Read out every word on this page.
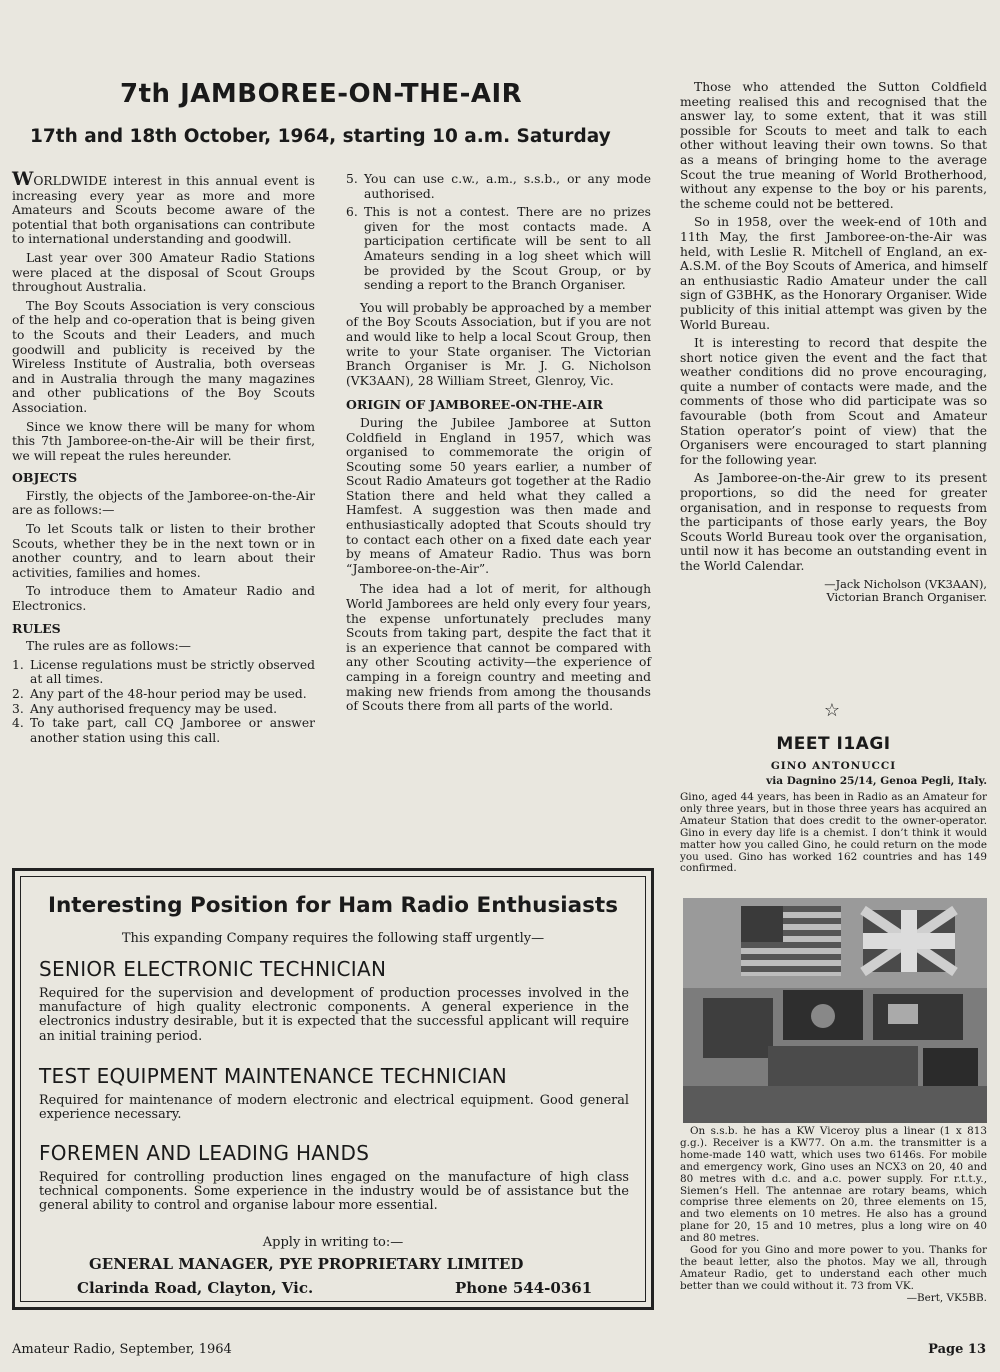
7th JAMBOREE-ON-THE-AIR
17th and 18th October, 1964, starting 10 a.m. Saturday

WORLDWIDE interest in this annual event is increasing every year as more and more Amateurs and Scouts become aware of the potential that both organisations can contribute to international understanding and goodwill.

Last year over 300 Amateur Radio Stations were placed at the disposal of Scout Groups throughout Australia.

The Boy Scouts Association is very conscious of the help and co-operation that is being given to the Scouts and their Leaders, and much goodwill and publicity is received by the Wireless Institute of Australia, both overseas and in Australia through the many magazines and other publications of the Boy Scouts Association.

Since we know there will be many for whom this 7th Jamboree-on-the-Air will be their first, we will repeat the rules hereunder.

OBJECTS

Firstly, the objects of the Jamboree-on-the-Air are as follows:—

To let Scouts talk or listen to their brother Scouts, whether they be in the next town or in another country, and to learn about their activities, families and homes.

To introduce them to Amateur Radio and Electronics.

RULES

The rules are as follows:—

1. License regulations must be strictly observed at all times.
2. Any part of the 48-hour period may be used.
3. Any authorised frequency may be used.
4. To take part, call CQ Jamboree or answer another station using this call.
5. You can use c.w., a.m., s.s.b., or any mode authorised.
6. This is not a contest. There are no prizes given for the most contacts made. A participation certificate will be sent to all Amateurs sending in a log sheet which will be provided by the Scout Group, or by sending a report to the Branch Organiser.

You will probably be approached by a member of the Boy Scouts Association, but if you are not and would like to help a local Scout Group, then write to your State organiser. The Victorian Branch Organiser is Mr. J. G. Nicholson (VK3AAN), 28 William Street, Glenroy, Vic.

ORIGIN OF JAMBOREE-ON-THE-AIR

During the Jubilee Jamboree at Sutton Coldfield in England in 1957, which was organised to commemorate the origin of Scouting some 50 years earlier, a number of Scout Radio Amateurs got together at the Radio Station there and held what they called a Hamfest. A suggestion was then made and enthusiastically adopted that Scouts should try to contact each other on a fixed date each year by means of Amateur Radio. Thus was born “Jamboree-on-the-Air”.

The idea had a lot of merit, for although World Jamborees are held only every four years, the expense unfortunately precludes many Scouts from taking part, despite the fact that it is an experience that cannot be compared with any other Scouting activity—the experience of camping in a foreign country and meeting and making new friends from among the thousands of Scouts there from all parts of the world.

Those who attended the Sutton Coldfield meeting realised this and recognised that the answer lay, to some extent, that it was still possible for Scouts to meet and talk to each other without leaving their own towns. So that as a means of bringing home to the average Scout the true meaning of World Brotherhood, without any expense to the boy or his parents, the scheme could not be bettered.

So in 1958, over the week-end of 10th and 11th May, the first Jamboree-on-the-Air was held, with Leslie R. Mitchell of England, an ex-A.S.M. of the Boy Scouts of America, and himself an enthusiastic Radio Amateur under the call sign of G3BHK, as the Honorary Organiser. Wide publicity of this initial attempt was given by the World Bureau.

It is interesting to record that despite the short notice given the event and the fact that weather conditions did no prove encouraging, quite a number of contacts were made, and the comments of those who did participate was so favourable (both from Scout and Amateur Station operator’s point of view) that the Organisers were encouraged to start planning for the following year.

As Jamboree-on-the-Air grew to its present proportions, so did the need for greater organisation, and in response to requests from the participants of those early years, the Boy Scouts World Bureau took over the organisation, until now it has become an outstanding event in the World Calendar.

—Jack Nicholson (VK3AAN),
Victorian Branch Organiser.
☆
MEET I1AGI
GINO ANTONUCCI
via Dagnino 25/14, Genoa Pegli, Italy.
Gino, aged 44 years, has been in Radio as an Amateur for only three years, but in those three years has acquired an Amateur Station that does credit to the owner-operator. Gino in every day life is a chemist. I don’t think it would matter how you called Gino, he could return on the mode you used. Gino has worked 162 countries and has 149 confirmed.
On s.s.b. he has a KW Viceroy plus a linear (1 x 813 g.g.). Receiver is a KW77. On a.m. the transmitter is a home-made 140 watt, which uses two 6146s. For mobile and emergency work, Gino uses an NCX3 on 20, 40 and 80 metres with d.c. and a.c. power supply. For r.t.t.y., Siemen’s Hell. The antennae are rotary beams, which comprise three elements on 20, three elements on 15, and two elements on 10 metres. He also has a ground plane for 20, 15 and 10 metres, plus a long wire on 40 and 80 metres.
Good for you Gino and more power to you. Thanks for the beaut letter, also the photos. May we all, through Amateur Radio, get to understand each other much better than we could without it. 73 from VK.
—Bert, VK5BB.
Interesting Position for Ham Radio Enthusiasts
This expanding Company requires the following staff urgently—
SENIOR ELECTRONIC TECHNICIAN
Required for the supervision and development of production processes involved in the manufacture of high quality electronic components. A general experience in the electronics industry desirable, but it is expected that the successful applicant will require an initial training period.
TEST EQUIPMENT MAINTENANCE TECHNICIAN
Required for maintenance of modern electronic and electrical equipment. Good general experience necessary.
FOREMEN AND LEADING HANDS
Required for controlling production lines engaged on the manufacture of high class technical components. Some experience in the industry would be of assistance but the general ability to control and organise labour more essential.
Apply in writing to:—
GENERAL MANAGER, PYE PROPRIETARY LIMITED
Clarinda Road, Clayton, Vic.	Phone 544-0361
Amateur Radio, September, 1964	Page 13
